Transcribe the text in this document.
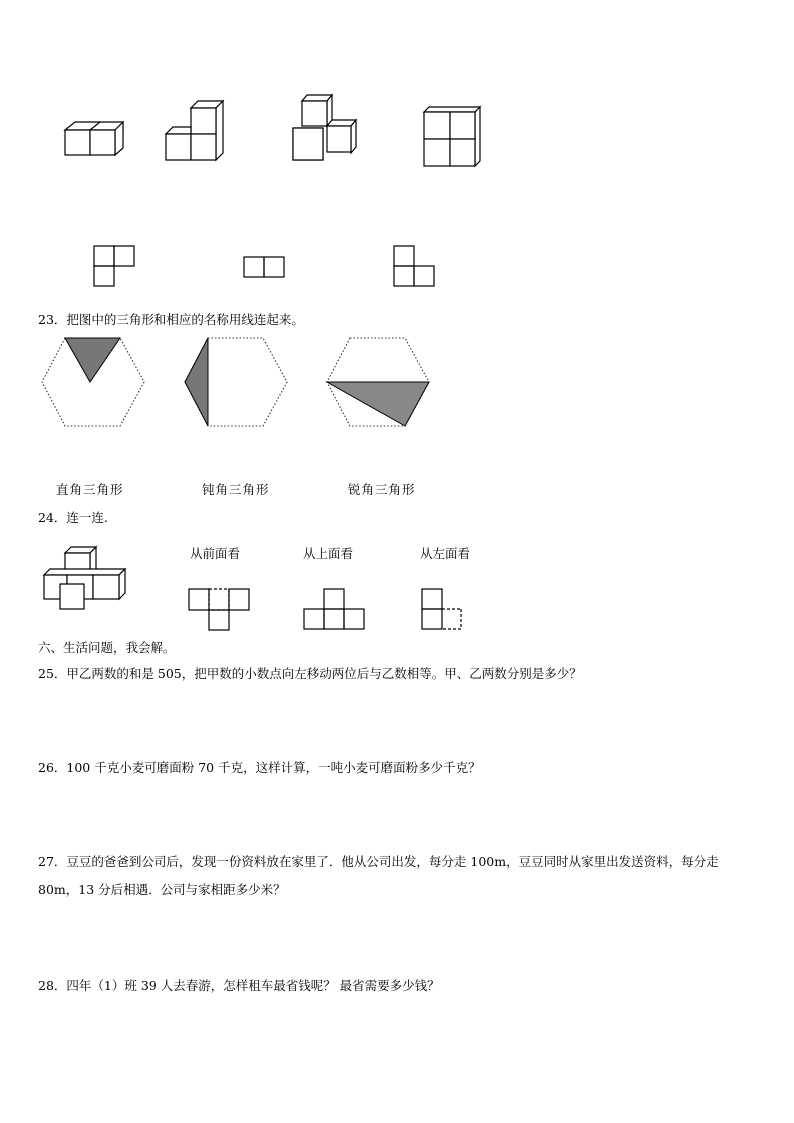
23．把图中的三角形和相应的名称用线连起来。
直角三角形	钝角三角形	锐角三角形
24．连一连.
从前面看	从上面看	从左面看
六、生活问题，我会解。
25．甲乙两数的和是 505，把甲数的小数点向左移动两位后与乙数相等。甲、乙两数分别是多少？
26．100 千克小麦可磨面粉 70 千克，这样计算，一吨小麦可磨面粉多少千克？
27．豆豆的爸爸到公司后，发现一份资料放在家里了．他从公司出发，每分走 100m，豆豆同时从家里出发送资料，每分走 80m，13 分后相遇．公司与家相距多少米？
28．四年（1）班 39 人去春游，怎样租车最省钱呢？ 最省需要多少钱？
